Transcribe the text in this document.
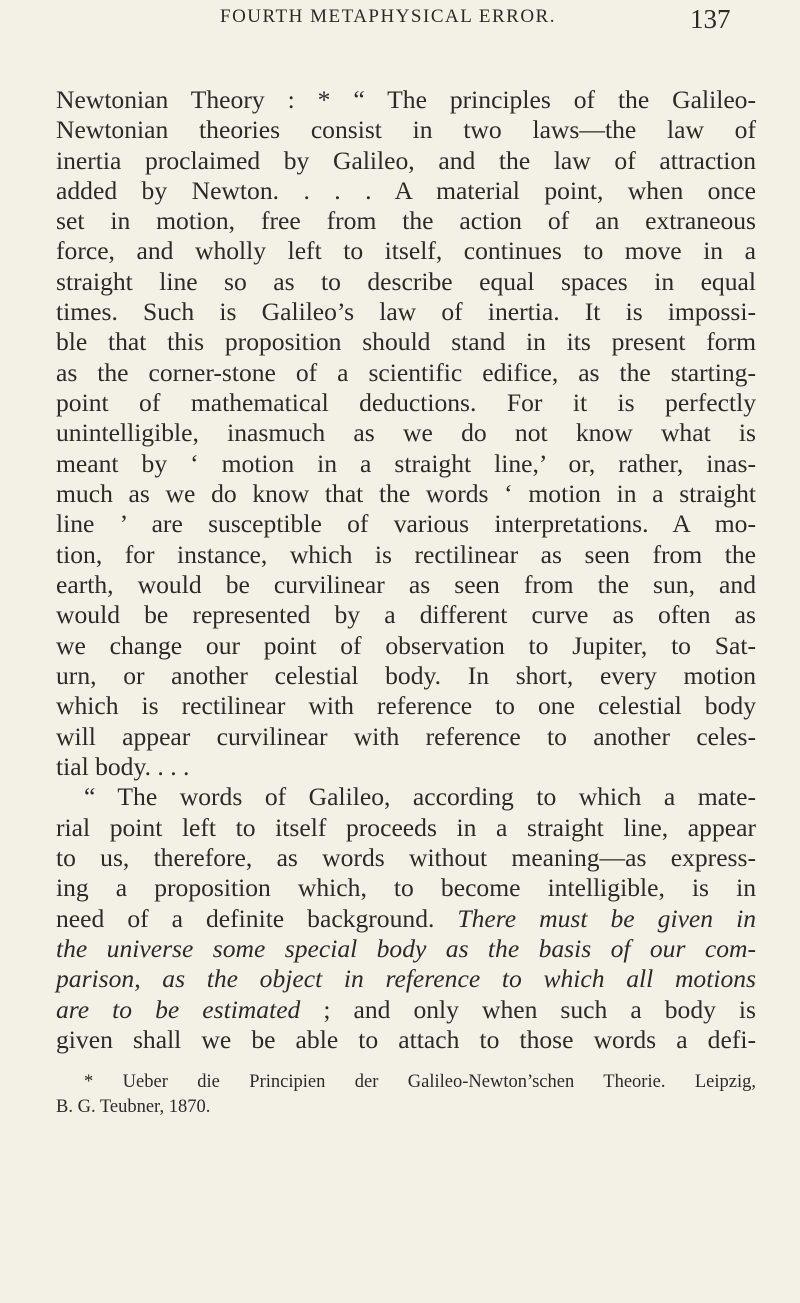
FOURTH METAPHYSICAL ERROR.	137
Newtonian Theory : * “ The principles of the Galileo-
Newtonian theories consist in two laws—the law of
inertia proclaimed by Galileo, and the law of attraction
added by Newton. . . . A material point, when once
set in motion, free from the action of an extraneous
force, and wholly left to itself, continues to move in a
straight line so as to describe equal spaces in equal
times. Such is Galileo’s law of inertia. It is impossi-
ble that this proposition should stand in its present form
as the corner-stone of a scientific edifice, as the starting-
point of mathematical deductions. For it is perfectly
unintelligible, inasmuch as we do not know what is
meant by ‘ motion in a straight line,’ or, rather, inas-
much as we do know that the words ‘ motion in a straight
line ’ are susceptible of various interpretations. A mo-
tion, for instance, which is rectilinear as seen from the
earth, would be curvilinear as seen from the sun, and
would be represented by a different curve as often as
we change our point of observation to Jupiter, to Sat-
urn, or another celestial body. In short, every motion
which is rectilinear with reference to one celestial body
will appear curvilinear with reference to another celes-
tial body. . . .
“ The words of Galileo, according to which a mate-
rial point left to itself proceeds in a straight line, appear
to us, therefore, as words without meaning—as express-
ing a proposition which, to become intelligible, is in
need of a definite background. There must be given in
the universe some special body as the basis of our com-
parison, as the object in reference to which all motions
are to be estimated ; and only when such a body is
given shall we be able to attach to those words a defi-
* Ueber die Principien der Galileo-Newton’schen Theorie. Leipzig,
B. G. Teubner, 1870.
